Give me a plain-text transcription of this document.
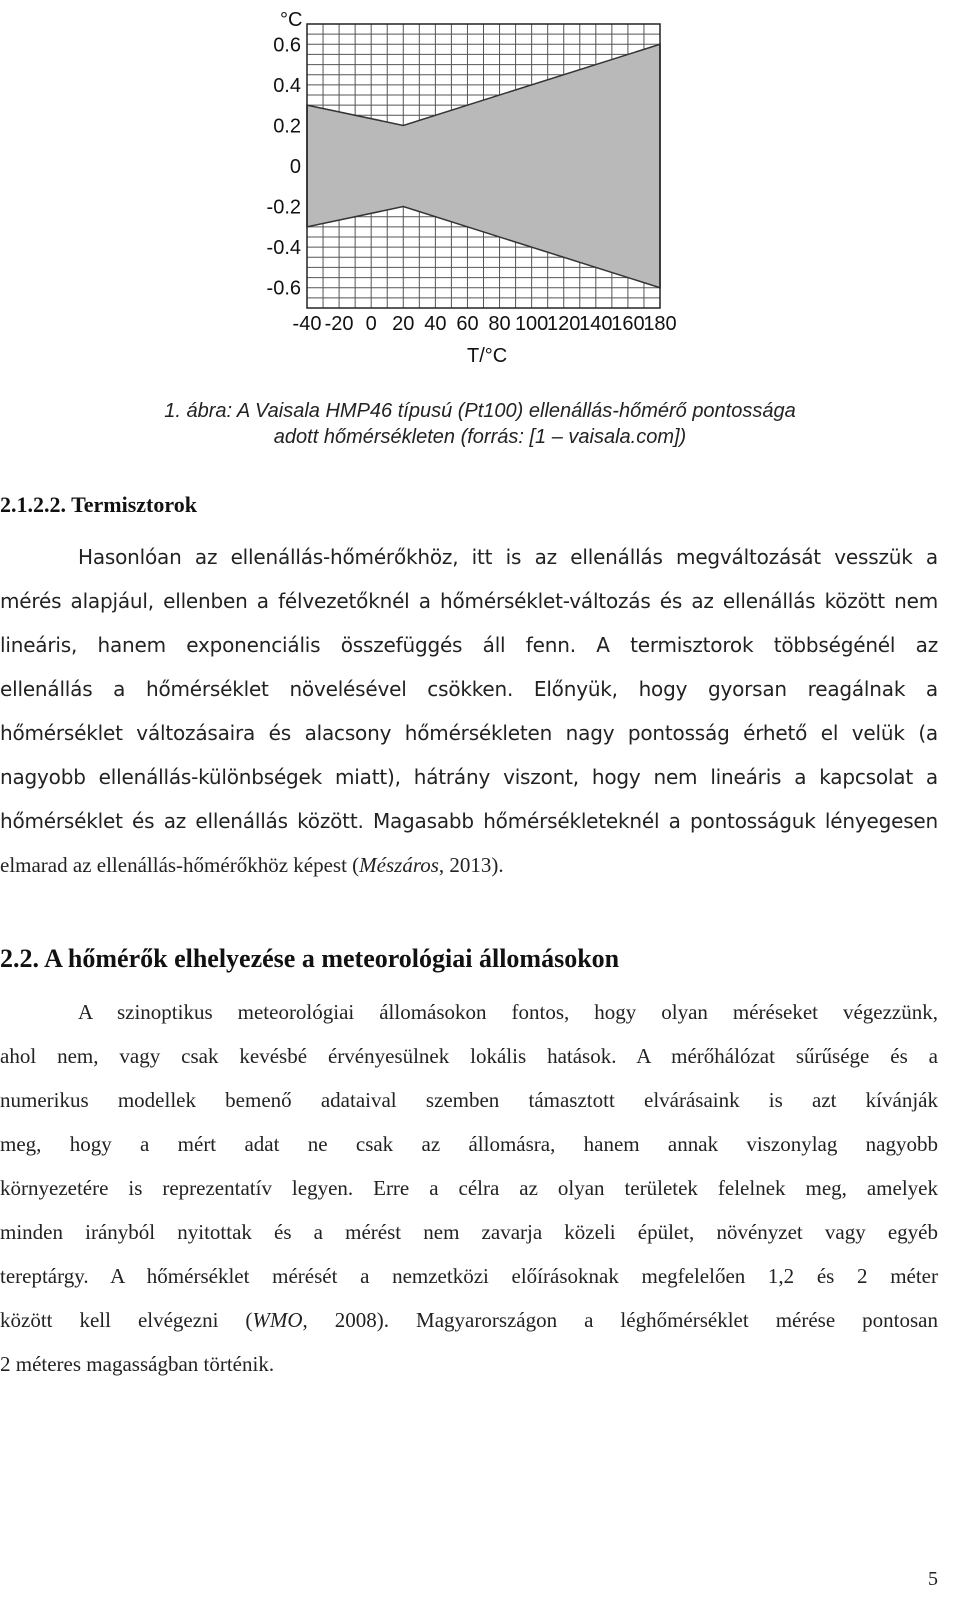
-40 -20 0 20 40 60 80 100
120
140
160
180
0.6
0.4
0.2
0
-0.2
-0.4
-0.6
°C
T/°C
1. ábra: A Vaisala HMP46 típusú (Pt100) ellenállás-hőmérő pontossága
adott hőmérsékleten (forrás: [1 – vaisala.com])
2.1.2.2. Termisztorok
Hasonlóan az ellenállás-hőmérőkhöz, itt is az ellenállás megváltozását vesszük a
mérés alapjául, ellenben a félvezetőknél a hőmérséklet-változás és az ellenállás között nem
lineáris, hanem exponenciális összefüggés áll fenn. A termisztorok többségénél az
ellenállás a hőmérséklet növelésével csökken. Előnyük, hogy gyorsan reagálnak a
hőmérséklet változásaira és alacsony hőmérsékleten nagy pontosság érhető el velük (a
nagyobb ellenállás-különbségek miatt), hátrány viszont, hogy nem lineáris a kapcsolat a
hőmérséklet és az ellenállás között. Magasabb hőmérsékleteknél a pontosságuk lényegesen
elmarad az ellenállás-hőmérőkhöz képest (Mészáros, 2013).
2.2. A hőmérők elhelyezése a meteorológiai állomásokon
A szinoptikus meteorológiai állomásokon fontos, hogy olyan méréseket végezzünk,
ahol nem, vagy csak kevésbé érvényesülnek lokális hatások. A mérőhálózat sűrűsége és a
numerikus modellek bemenő adataival szemben támasztott elvárásaink is azt kívánják
meg, hogy a mért adat ne csak az állomásra, hanem annak viszonylag nagyobb
környezetére is reprezentatív legyen. Erre a célra az olyan területek felelnek meg, amelyek
minden irányból nyitottak és a mérést nem zavarja közeli épület, növényzet vagy egyéb
tereptárgy. A hőmérséklet mérését a nemzetközi előírásoknak megfelelően 1,2 és 2 méter
között kell elvégezni (WMO, 2008). Magyarországon a léghőmérséklet mérése pontosan
2 méteres magasságban történik.
5
